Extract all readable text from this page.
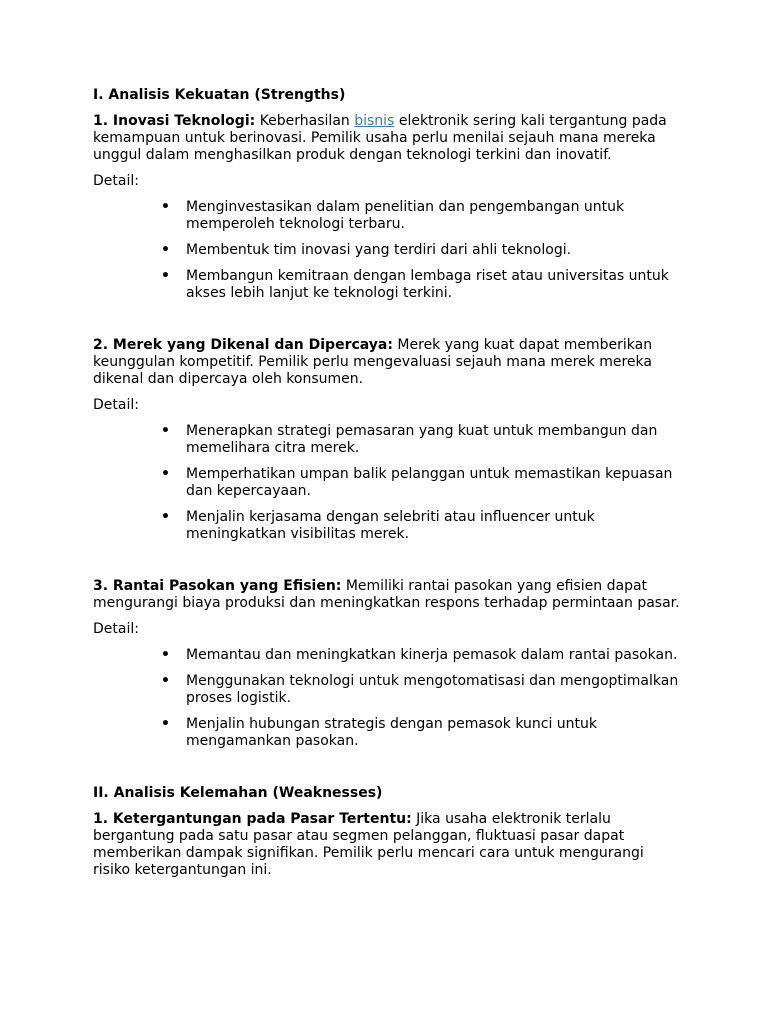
I. Analisis Kekuatan (Strengths)

1. Inovasi Teknologi: Keberhasilan bisnis elektronik sering kali tergantung pada kemampuan untuk berinovasi. Pemilik usaha perlu menilai sejauh mana mereka unggul dalam menghasilkan produk dengan teknologi terkini dan inovatif.

Detail:

• Menginvestasikan dalam penelitian dan pengembangan untuk memperoleh teknologi terbaru.
• Membentuk tim inovasi yang terdiri dari ahli teknologi.
• Membangun kemitraan dengan lembaga riset atau universitas untuk akses lebih lanjut ke teknologi terkini.

2. Merek yang Dikenal dan Dipercaya: Merek yang kuat dapat memberikan keunggulan kompetitif. Pemilik perlu mengevaluasi sejauh mana merek mereka dikenal dan dipercaya oleh konsumen.

Detail:

• Menerapkan strategi pemasaran yang kuat untuk membangun dan memelihara citra merek.
• Memperhatikan umpan balik pelanggan untuk memastikan kepuasan dan kepercayaan.
• Menjalin kerjasama dengan selebriti atau influencer untuk meningkatkan visibilitas merek.

3. Rantai Pasokan yang Efisien: Memiliki rantai pasokan yang efisien dapat mengurangi biaya produksi dan meningkatkan respons terhadap permintaan pasar.

Detail:

• Memantau dan meningkatkan kinerja pemasok dalam rantai pasokan.
• Menggunakan teknologi untuk mengotomatisasi dan mengoptimalkan proses logistik.
• Menjalin hubungan strategis dengan pemasok kunci untuk mengamankan pasokan.

II. Analisis Kelemahan (Weaknesses)

1. Ketergantungan pada Pasar Tertentu: Jika usaha elektronik terlalu bergantung pada satu pasar atau segmen pelanggan, fluktuasi pasar dapat memberikan dampak signifikan. Pemilik perlu mencari cara untuk mengurangi risiko ketergantungan ini.
